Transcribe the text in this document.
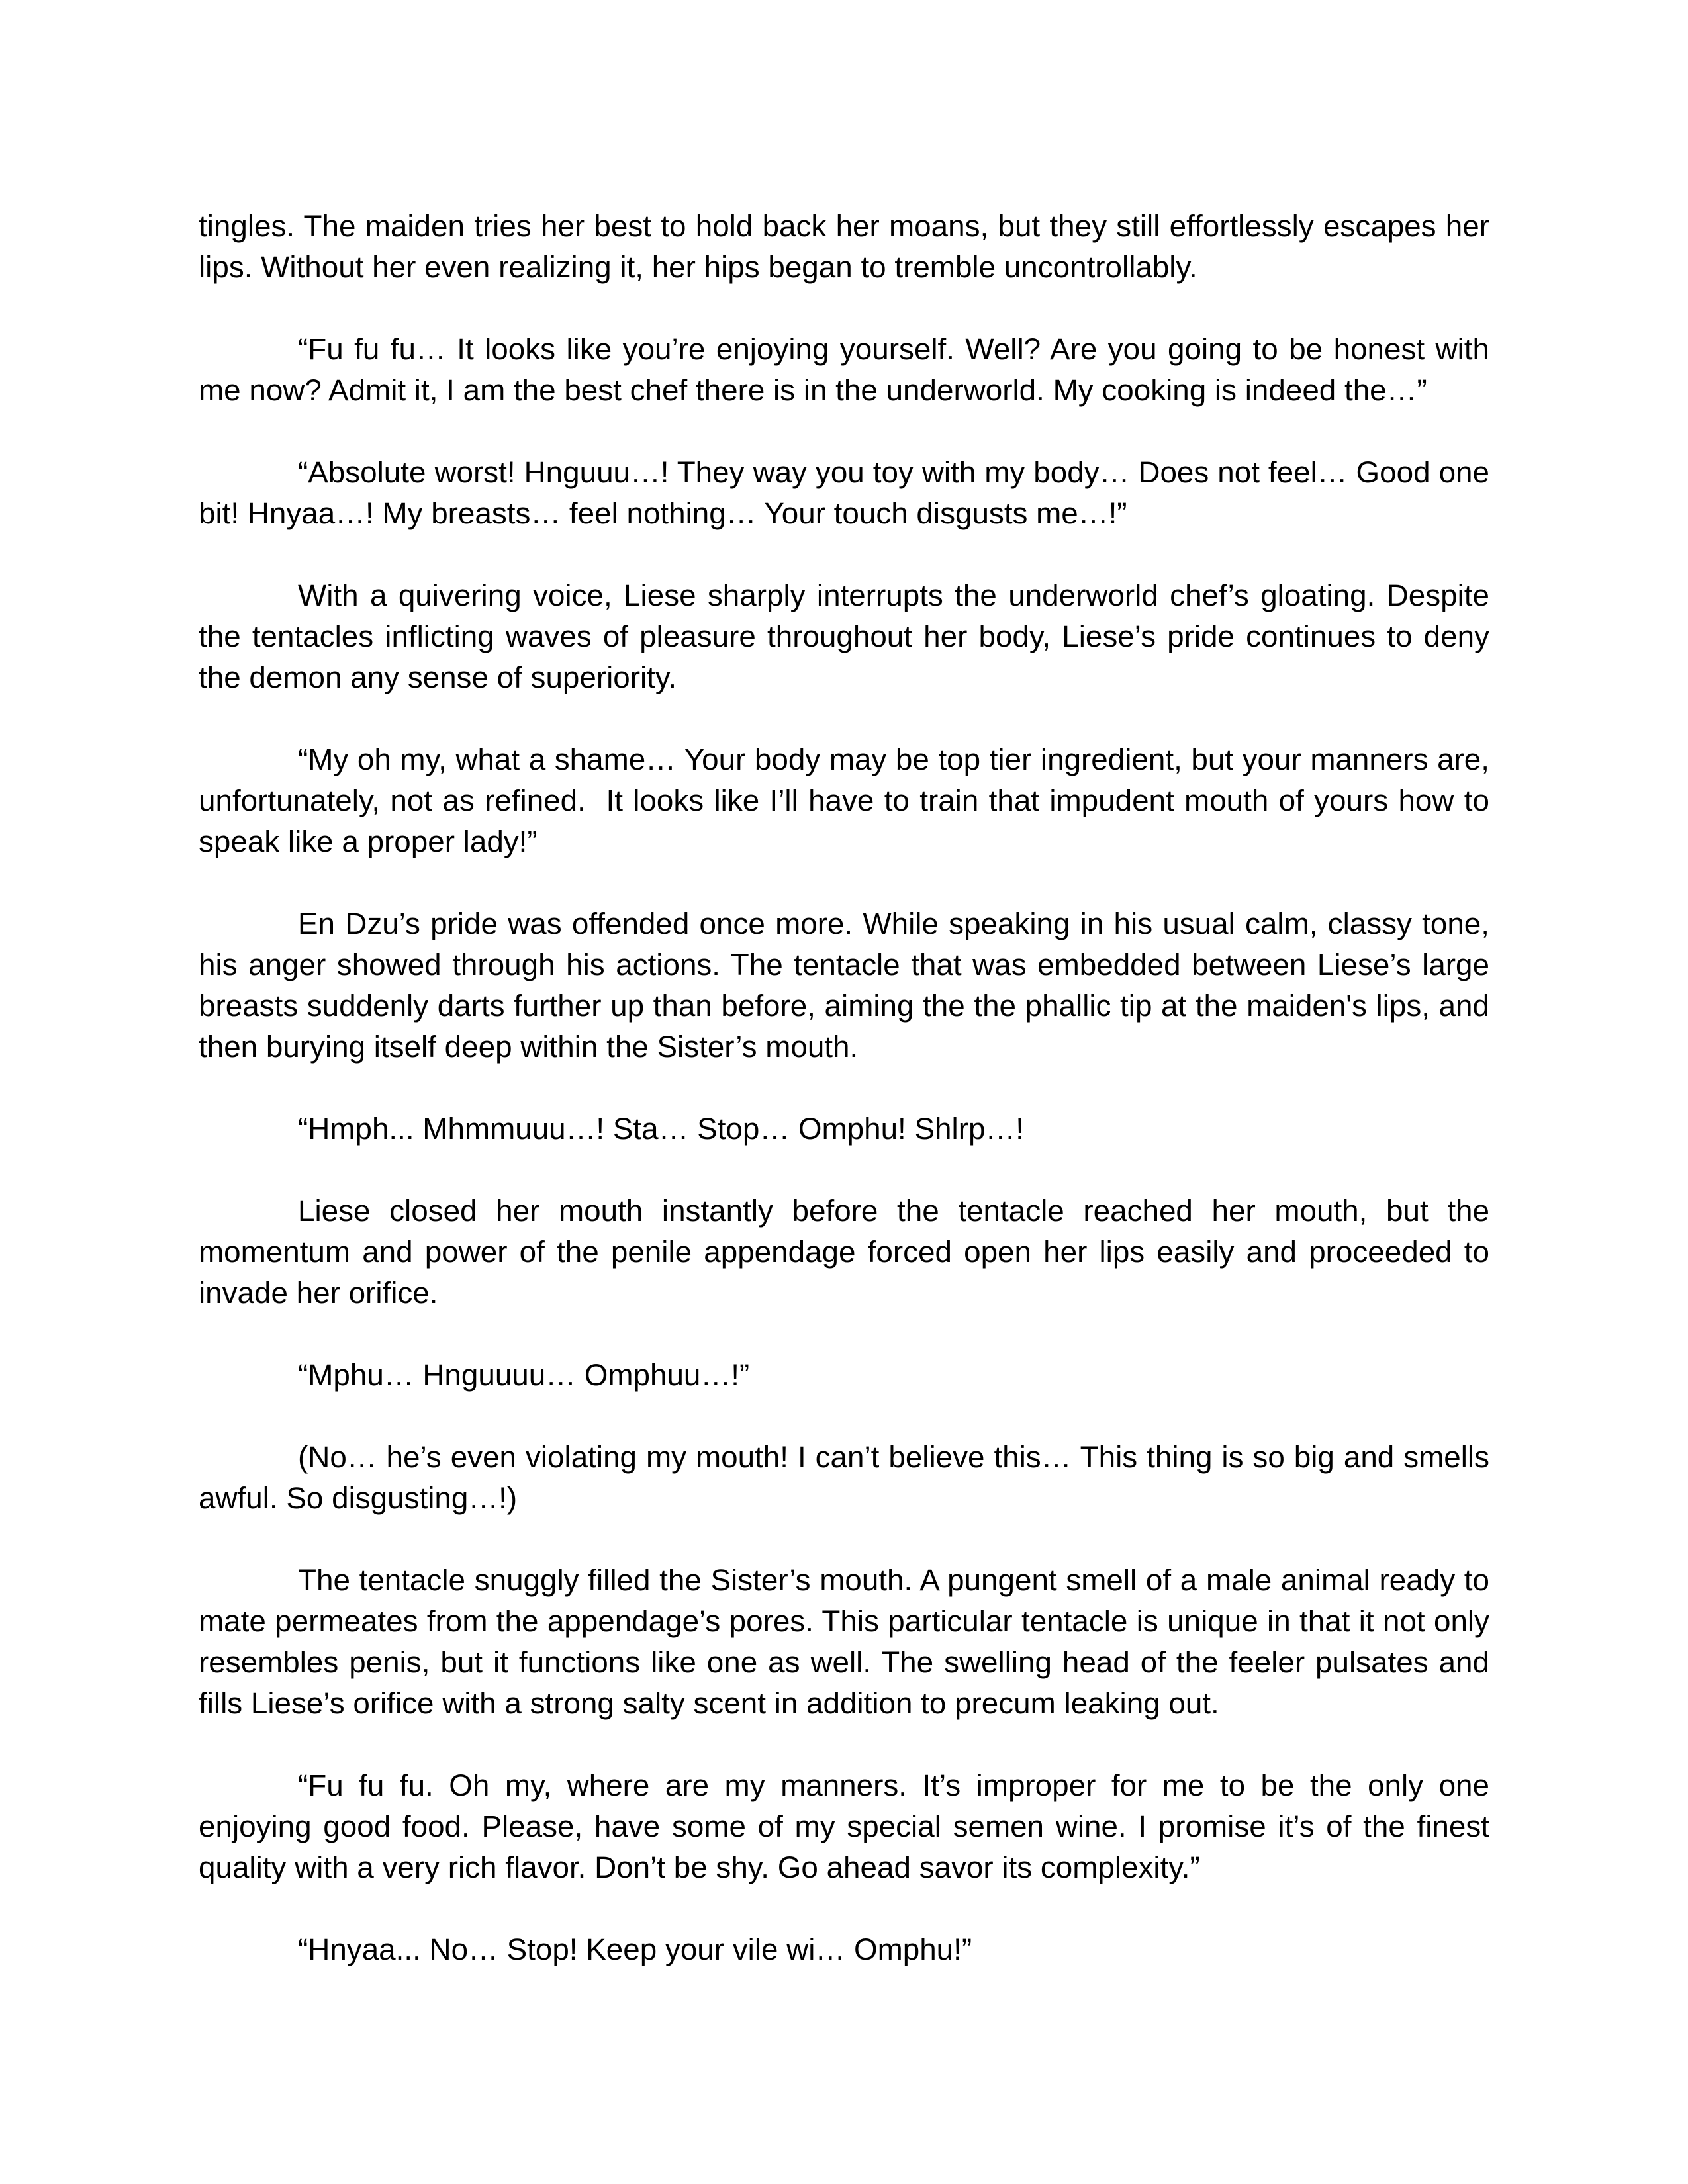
tingles. The maiden tries her best to hold back her moans, but they still effortlessly escapes her lips. Without her even realizing it, her hips began to tremble uncontrollably.

“Fu fu fu… It looks like you’re enjoying yourself. Well? Are you going to be honest with me now? Admit it, I am the best chef there is in the underworld. My cooking is indeed the…”

“Absolute worst! Hnguuu…! They way you toy with my body… Does not feel… Good one bit! Hnyaa…! My breasts… feel nothing… Your touch disgusts me…!”

With a quivering voice, Liese sharply interrupts the underworld chef’s gloating. Despite the tentacles inflicting waves of pleasure throughout her body, Liese’s pride continues to deny the demon any sense of superiority.

“My oh my, what a shame… Your body may be top tier ingredient, but your manners are, unfortunately, not as refined.  It looks like I’ll have to train that impudent mouth of yours how to speak like a proper lady!”

En Dzu’s pride was offended once more. While speaking in his usual calm, classy tone, his anger showed through his actions. The tentacle that was embedded between Liese’s large breasts suddenly darts further up than before, aiming the the phallic tip at the maiden's lips, and then burying itself deep within the Sister’s mouth.

“Hmph... Mhmmuuu…! Sta… Stop… Omphu! Shlrp…!

Liese closed her mouth instantly before the tentacle reached her mouth, but the momentum and power of the penile appendage forced open her lips easily and proceeded to invade her orifice.

“Mphu… Hnguuuu… Omphuu…!”

(No… he’s even violating my mouth! I can’t believe this… This thing is so big and smells awful. So disgusting…!)

The tentacle snuggly filled the Sister’s mouth. A pungent smell of a male animal ready to mate permeates from the appendage’s pores. This particular tentacle is unique in that it not only resembles penis, but it functions like one as well. The swelling head of the feeler pulsates and fills Liese’s orifice with a strong salty scent in addition to precum leaking out.

“Fu fu fu. Oh my, where are my manners. It’s improper for me to be the only one enjoying good food. Please, have some of my special semen wine. I promise it’s of the finest quality with a very rich flavor. Don’t be shy. Go ahead savor its complexity.”

“Hnyaa... No… Stop! Keep your vile wi… Omphu!”
